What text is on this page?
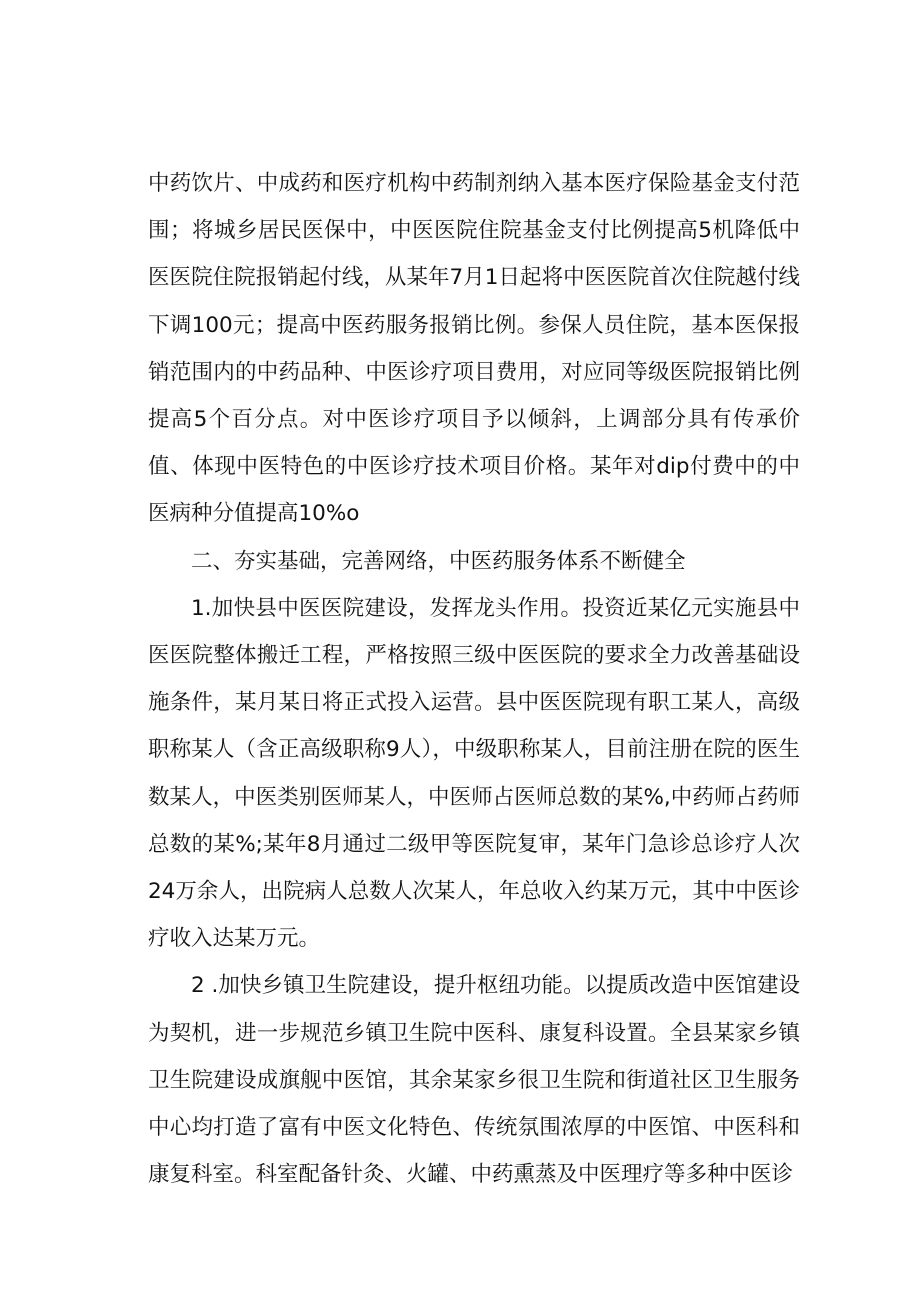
中药饮片、中成药和医疗机构中药制剂纳入基本医疗保险基金支付范围；将城乡居民医保中，中医医院住院基金支付比例提高5机降低中医医院住院报销起付线，从某年7月1日起将中医医院首次住院越付线下调100元；提高中医药服务报销比例。参保人员住院，基本医保报销范围内的中药品种、中医诊疗项目费用，对应同等级医院报销比例提高5个百分点。对中医诊疗项目予以倾斜，上调部分具有传承价值、体现中医特色的中医诊疗技术项目价格。某年对dip付费中的中医病种分值提高10%o

二、夯实基础，完善网络，中医药服务体系不断健全

1.加快县中医医院建设，发挥龙头作用。投资近某亿元实施县中医医院整体搬迁工程，严格按照三级中医医院的要求全力改善基础设施条件，某月某日将正式投入运营。县中医医院现有职工某人，高级职称某人（含正高级职称9人），中级职称某人，目前注册在院的医生数某人，中医类别医师某人，中医师占医师总数的某%,中药师占药师总数的某%;某年8月通过二级甲等医院复审，某年门急诊总诊疗人次24万余人，出院病人总数人次某人，年总收入约某万元，其中中医诊疗收入达某万元。

2 .加快乡镇卫生院建设，提升枢纽功能。以提质改造中医馆建设为契机，进一步规范乡镇卫生院中医科、康复科设置。全县某家乡镇卫生院建设成旗舰中医馆，其余某家乡很卫生院和街道社区卫生服务中心均打造了富有中医文化特色、传统氛围浓厚的中医馆、中医科和康复科室。科室配备针灸、火罐、中药熏蒸及中医理疗等多种中医诊
